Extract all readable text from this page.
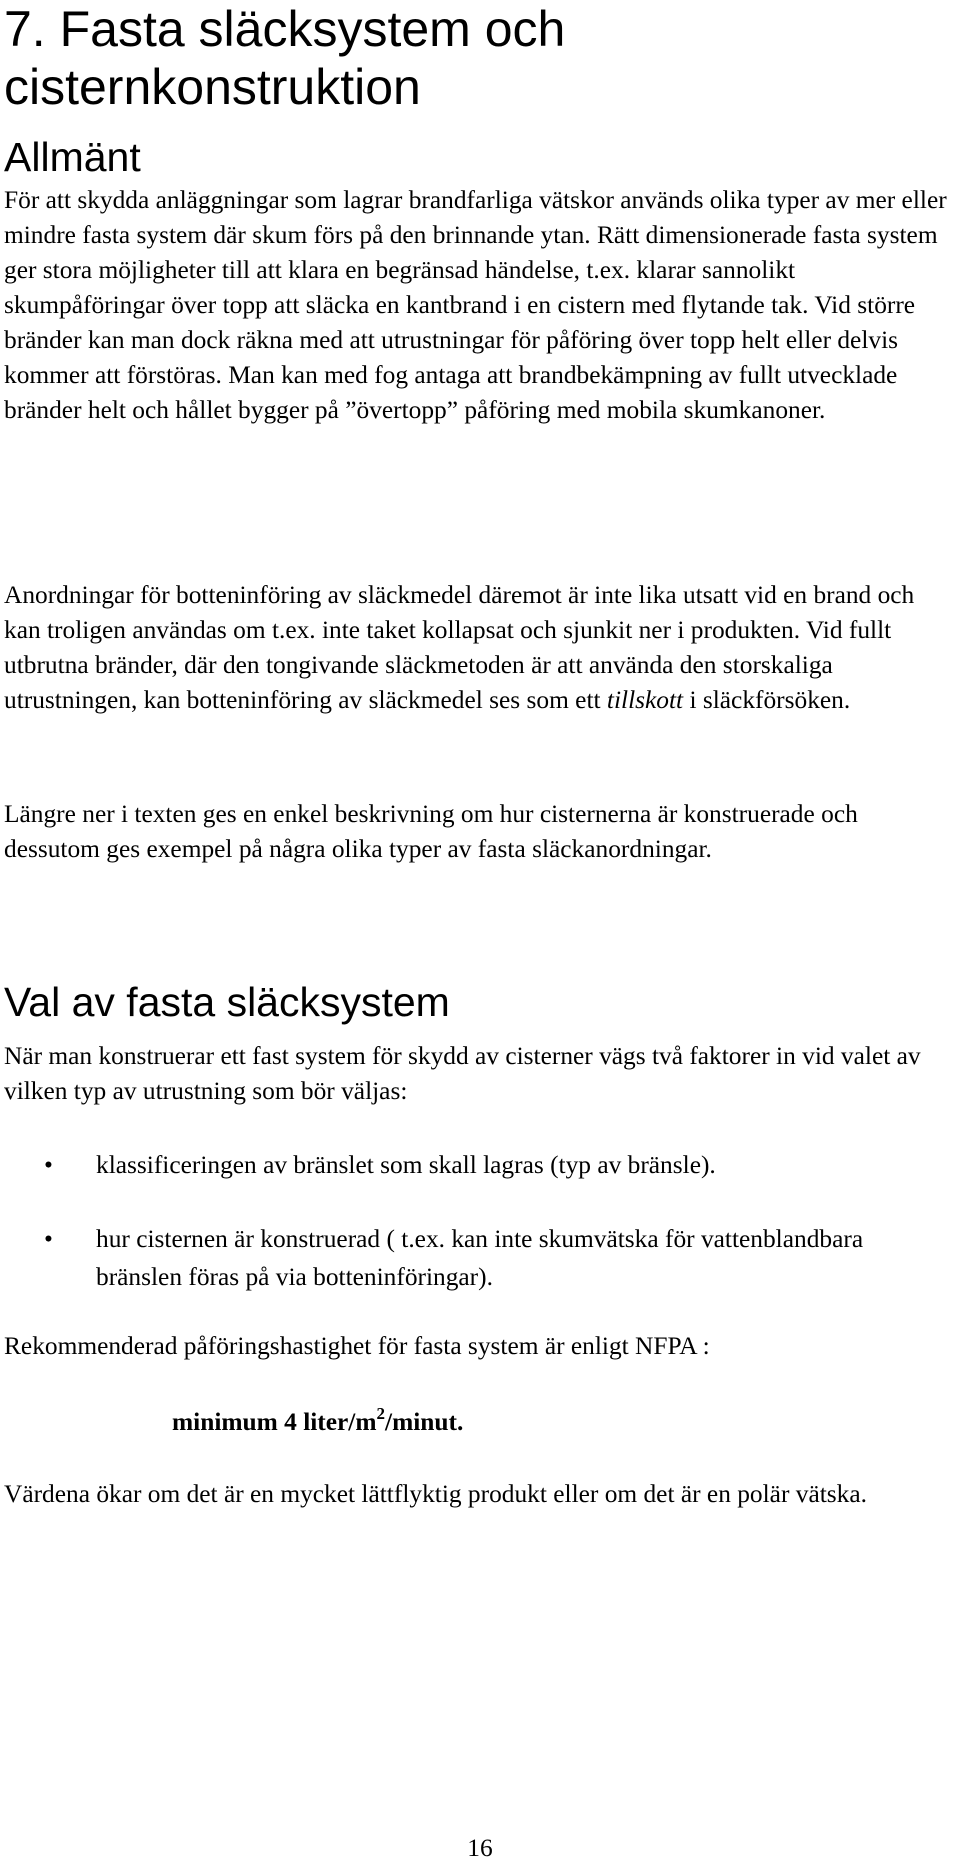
7. Fasta släcksystem och cisternkonstruktion
Allmänt

För att skydda anläggningar som lagrar brandfarliga vätskor används olika typer av mer eller mindre fasta system där skum förs på den brinnande ytan. Rätt dimensionerade fasta system ger stora möjligheter till att klara en begränsad händelse, t.ex. klarar sannolikt skumpåföringar över topp att släcka en kantbrand i en cistern med flytande tak. Vid större bränder kan man dock räkna med att utrustningar för påföring över topp helt eller delvis kommer att förstöras. Man kan med fog antaga att brandbekämpning av fullt utvecklade bränder helt och hållet bygger på ”övertopp” påföring med mobila skumkanoner.

Anordningar för botteninföring av släckmedel däremot är inte lika utsatt vid en brand och kan troligen användas om t.ex. inte taket kollapsat och sjunkit ner i produkten. Vid fullt utbrutna bränder, där den tongivande släckmetoden är att använda den storskaliga utrustningen, kan botteninföring av släckmedel ses som ett tillskott i släckförsöken.

Längre ner i texten ges en enkel beskrivning om hur cisternerna är konstruerade och dessutom ges exempel på några olika typer av fasta släckanordningar.

Val av fasta släcksystem

När man konstruerar ett fast system för skydd av cisterner vägs två faktorer in vid valet av vilken typ av utrustning som bör väljas:

• klassificeringen av bränslet som skall lagras (typ av bränsle).
• hur cisternen är konstruerad ( t.ex. kan inte skumvätska för vattenblandbara bränslen föras på via botteninföringar).

Rekommenderad påföringshastighet för fasta system är enligt NFPA :

minimum 4 liter/$m^2$/minut.

Värdena ökar om det är en mycket lättflyktig produkt eller om det är en polär vätska.

16
